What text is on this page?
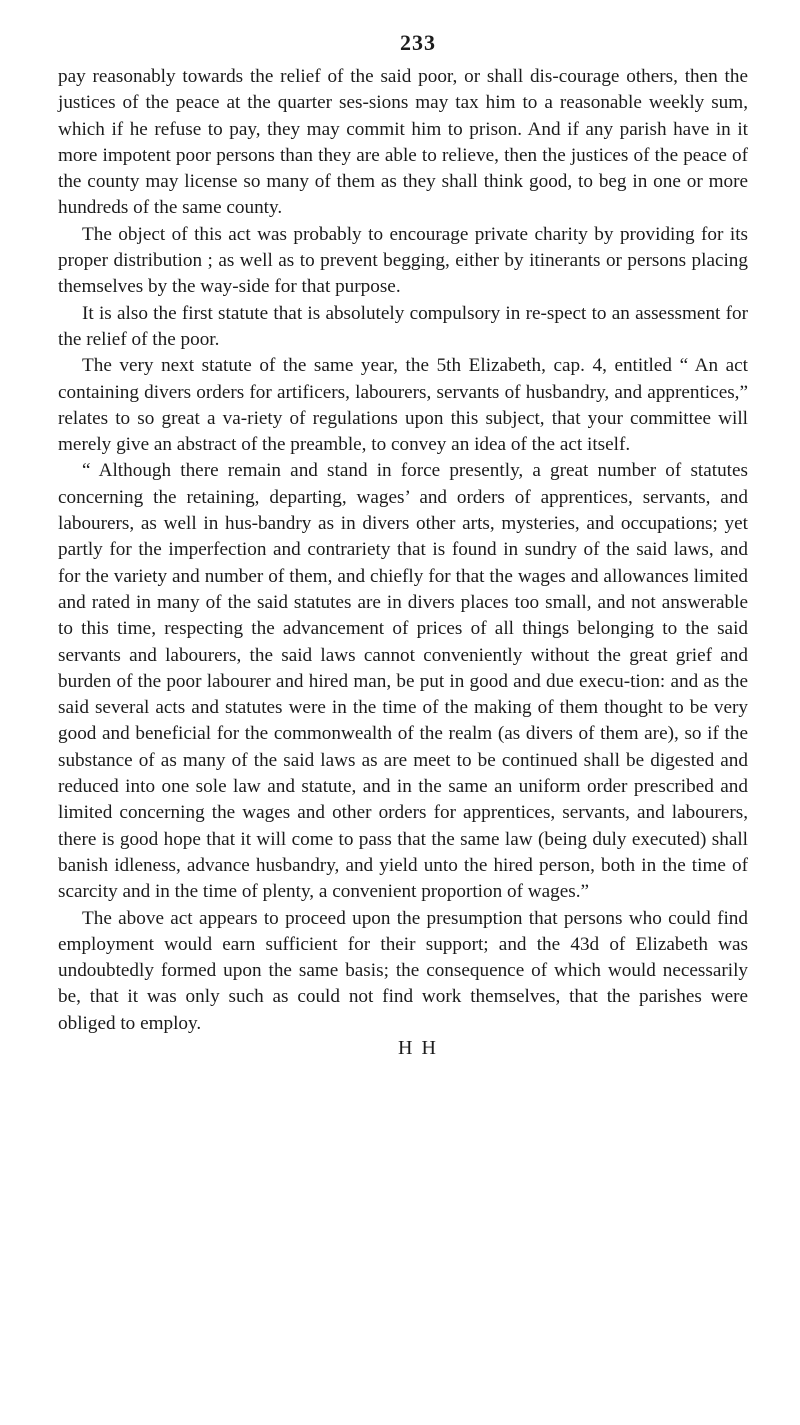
233

pay reasonably towards the relief of the said poor, or shall dis-courage others, then the justices of the peace at the quarter ses-sions may tax him to a reasonable weekly sum, which if he refuse to pay, they may commit him to prison. And if any parish have in it more impotent poor persons than they are able to relieve, then the justices of the peace of the county may license so many of them as they shall think good, to beg in one or more hundreds of the same county.

The object of this act was probably to encourage private charity by providing for its proper distribution ; as well as to prevent begging, either by itinerants or persons placing themselves by the way-side for that purpose.

It is also the first statute that is absolutely compulsory in re-spect to an assessment for the relief of the poor.

The very next statute of the same year, the 5th Elizabeth, cap. 4, entitled “ An act containing divers orders for artificers, labourers, servants of husbandry, and apprentices,” relates to so great a va-riety of regulations upon this subject, that your committee will merely give an abstract of the preamble, to convey an idea of the act itself.

“ Although there remain and stand in force presently, a great number of statutes concerning the retaining, departing, wages’ and orders of apprentices, servants, and labourers, as well in hus-bandry as in divers other arts, mysteries, and occupations; yet partly for the imperfection and contrariety that is found in sundry of the said laws, and for the variety and number of them, and chiefly for that the wages and allowances limited and rated in many of the said statutes are in divers places too small, and not answerable to this time, respecting the advancement of prices of all things belonging to the said servants and labourers, the said laws cannot conveniently without the great grief and burden of the poor labourer and hired man, be put in good and due execu-tion: and as the said several acts and statutes were in the time of the making of them thought to be very good and beneficial for the commonwealth of the realm (as divers of them are), so if the substance of as many of the said laws as are meet to be continued shall be digested and reduced into one sole law and statute, and in the same an uniform order prescribed and limited concerning the wages and other orders for apprentices, servants, and labourers, there is good hope that it will come to pass that the same law (being duly executed) shall banish idleness, advance husbandry, and yield unto the hired person, both in the time of scarcity and in the time of plenty, a convenient proportion of wages.”

The above act appears to proceed upon the presumption that persons who could find employment would earn sufficient for their support; and the 43d of Elizabeth was undoubtedly formed upon the same basis; the consequence of which would necessarily be, that it was only such as could not find work themselves, that the parishes were obliged to employ.

H H
